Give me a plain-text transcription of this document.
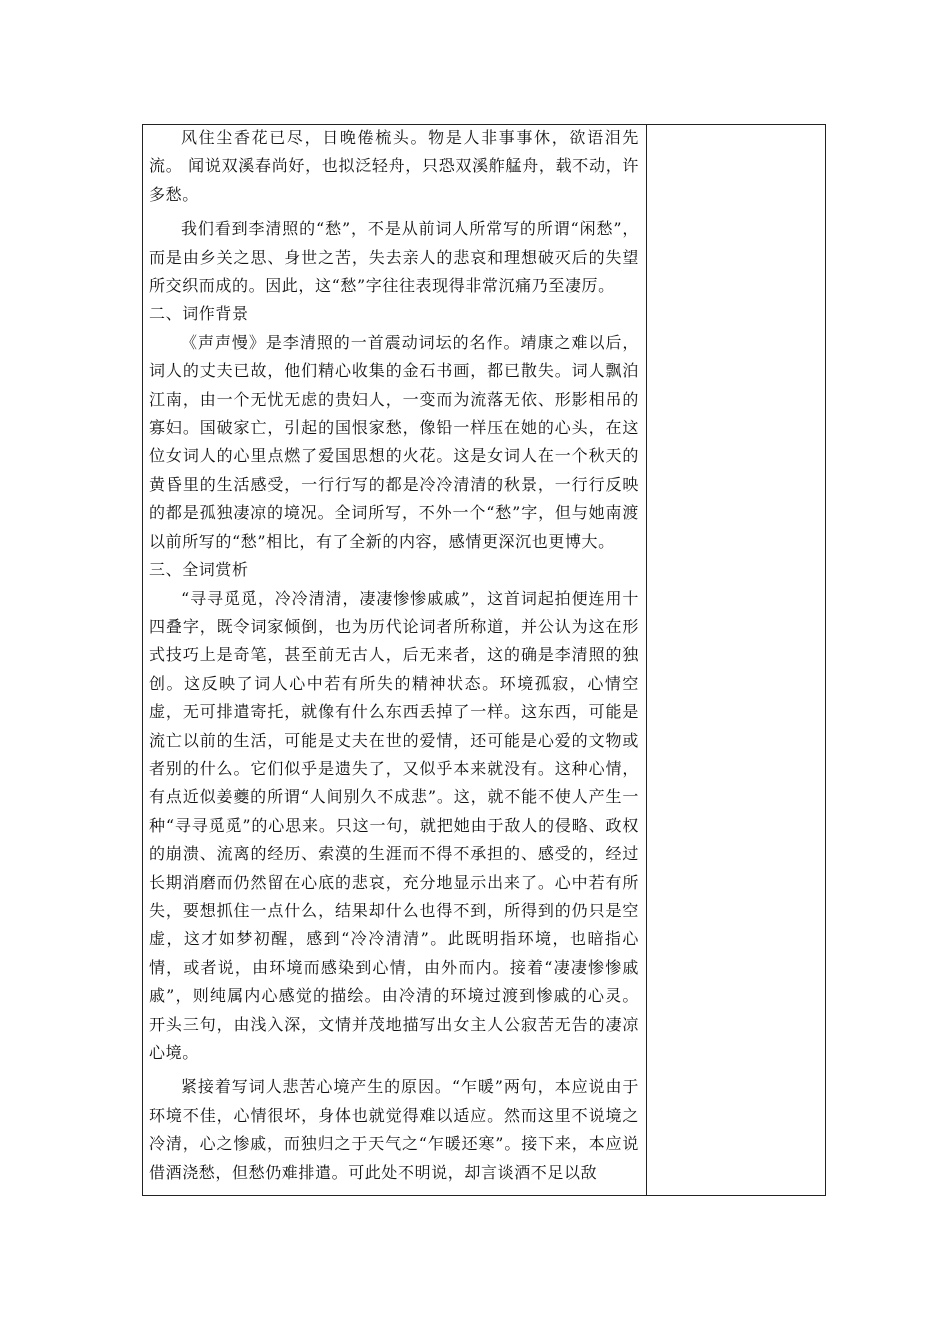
风住尘香花已尽，日晚倦梳头。物是人非事事休，欲语泪先流。 闻说双溪春尚好，也拟泛轻舟，只恐双溪舴艋舟，载不动，许多愁。

我们看到李清照的“愁”，不是从前词人所常写的所谓“闲愁”，而是由乡关之思、身世之苦，失去亲人的悲哀和理想破灭后的失望所交织而成的。因此，这“愁”字往往表现得非常沉痛乃至凄厉。

二、词作背景

《声声慢》是李清照的一首震动词坛的名作。靖康之难以后，词人的丈夫已故，他们精心收集的金石书画，都已散失。词人飘泊江南，由一个无忧无虑的贵妇人，一变而为流落无依、形影相吊的寡妇。国破家亡，引起的国恨家愁，像铅一样压在她的心头，在这位女词人的心里点燃了爱国思想的火花。这是女词人在一个秋天的黄昏里的生活感受，一行行写的都是冷冷清清的秋景，一行行反映的都是孤独凄凉的境况。全词所写，不外一个“愁”字，但与她南渡以前所写的“愁”相比，有了全新的内容，感情更深沉也更博大。

三、全词赏析

“寻寻觅觅，冷冷清清，凄凄惨惨戚戚”，这首词起拍便连用十四叠字，既令词家倾倒，也为历代论词者所称道，并公认为这在形式技巧上是奇笔，甚至前无古人，后无来者，这的确是李清照的独创。这反映了词人心中若有所失的精神状态。环境孤寂，心情空虚，无可排遣寄托，就像有什么东西丢掉了一样。这东西，可能是流亡以前的生活，可能是丈夫在世的爱情，还可能是心爱的文物或者别的什么。它们似乎是遗失了，又似乎本来就没有。这种心情，有点近似姜夔的所谓“人间别久不成悲”。这，就不能不使人产生一种“寻寻觅觅”的心思来。只这一句，就把她由于敌人的侵略、政权的崩溃、流离的经历、索漠的生涯而不得不承担的、感受的，经过长期消磨而仍然留在心底的悲哀，充分地显示出来了。心中若有所失，要想抓住一点什么，结果却什么也得不到，所得到的仍只是空虚，这才如梦初醒，感到“冷冷清清”。此既明指环境，也暗指心情，或者说，由环境而感染到心情，由外而内。接着“凄凄惨惨戚戚”，则纯属内心感觉的描绘。由冷清的环境过渡到惨戚的心灵。开头三句，由浅入深，文情并茂地描写出女主人公寂苦无告的凄凉心境。

紧接着写词人悲苦心境产生的原因。“乍暖”两句，本应说由于环境不佳，心情很坏，身体也就觉得难以适应。然而这里不说境之冷清，心之惨戚，而独归之于天气之“乍暖还寒”。接下来，本应说借酒浇愁，但愁仍难排遣。可此处不明说，却言谈酒不足以敌
